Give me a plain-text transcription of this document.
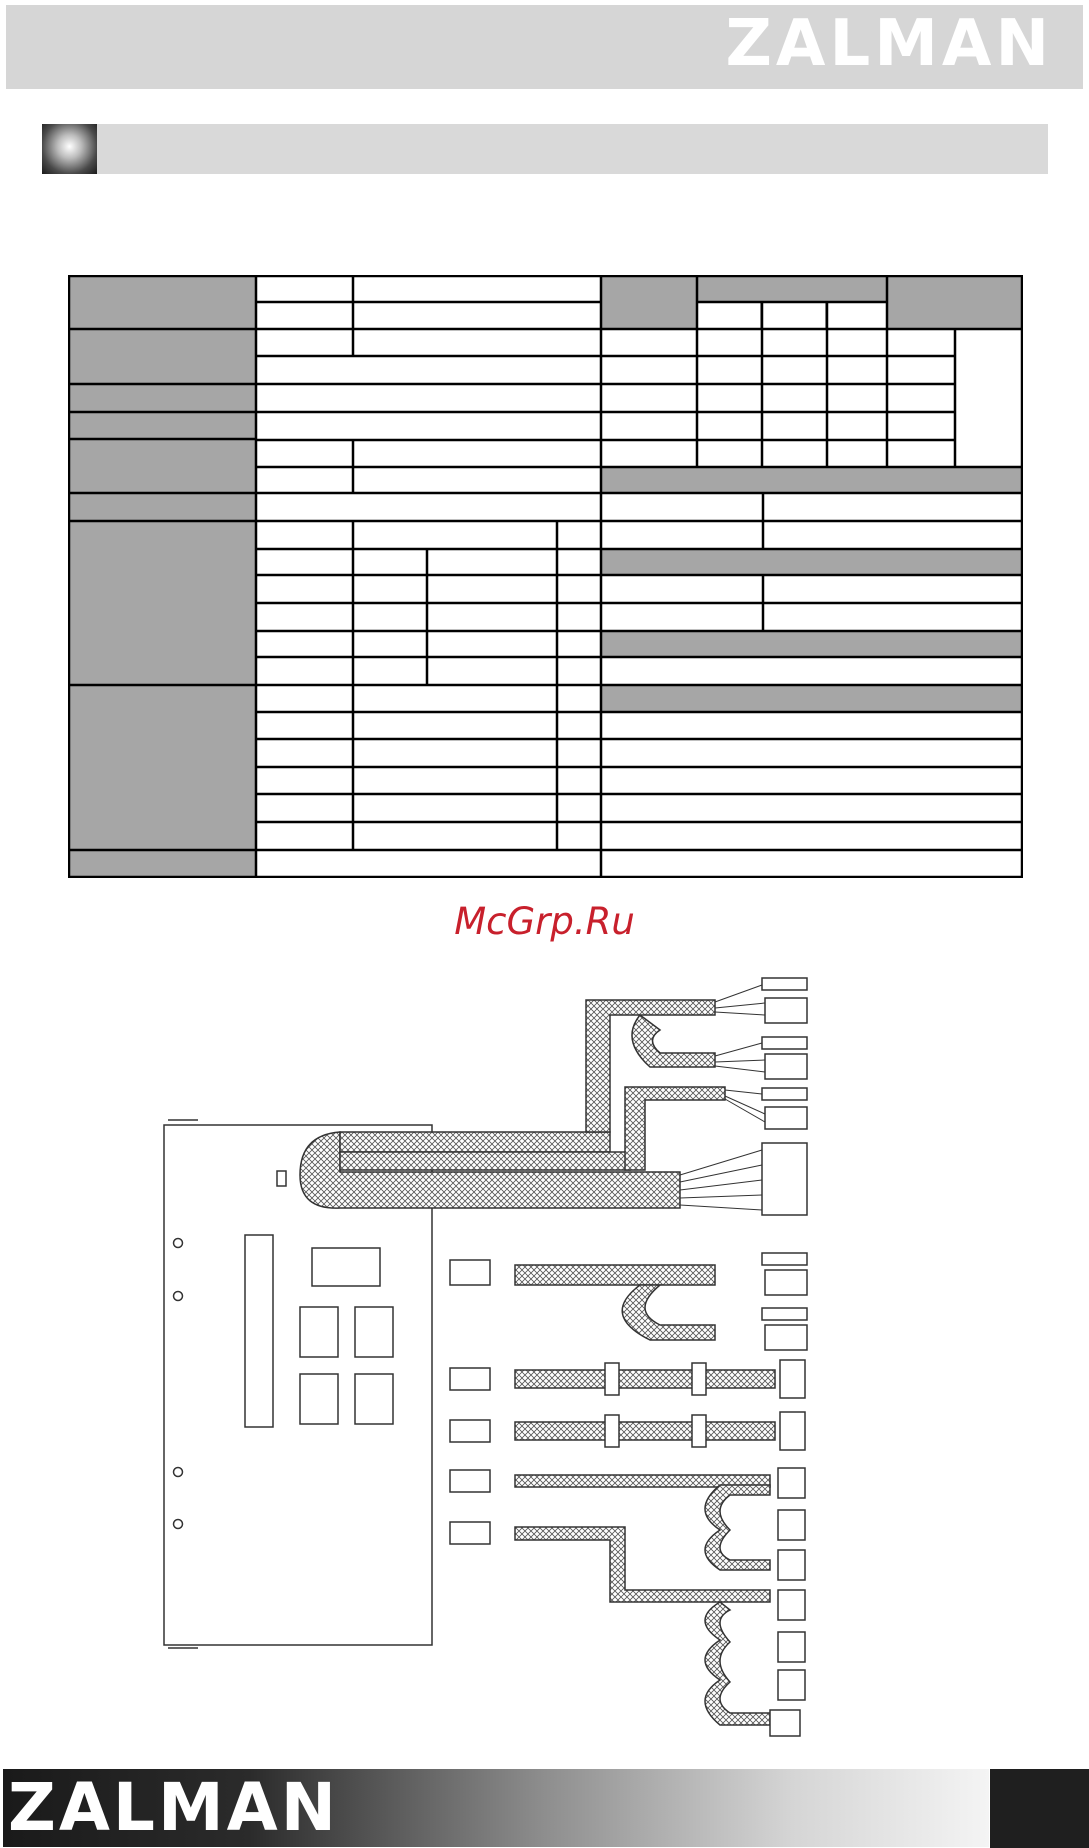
ZALMAN
McGrp.Ru
ZALMAN
